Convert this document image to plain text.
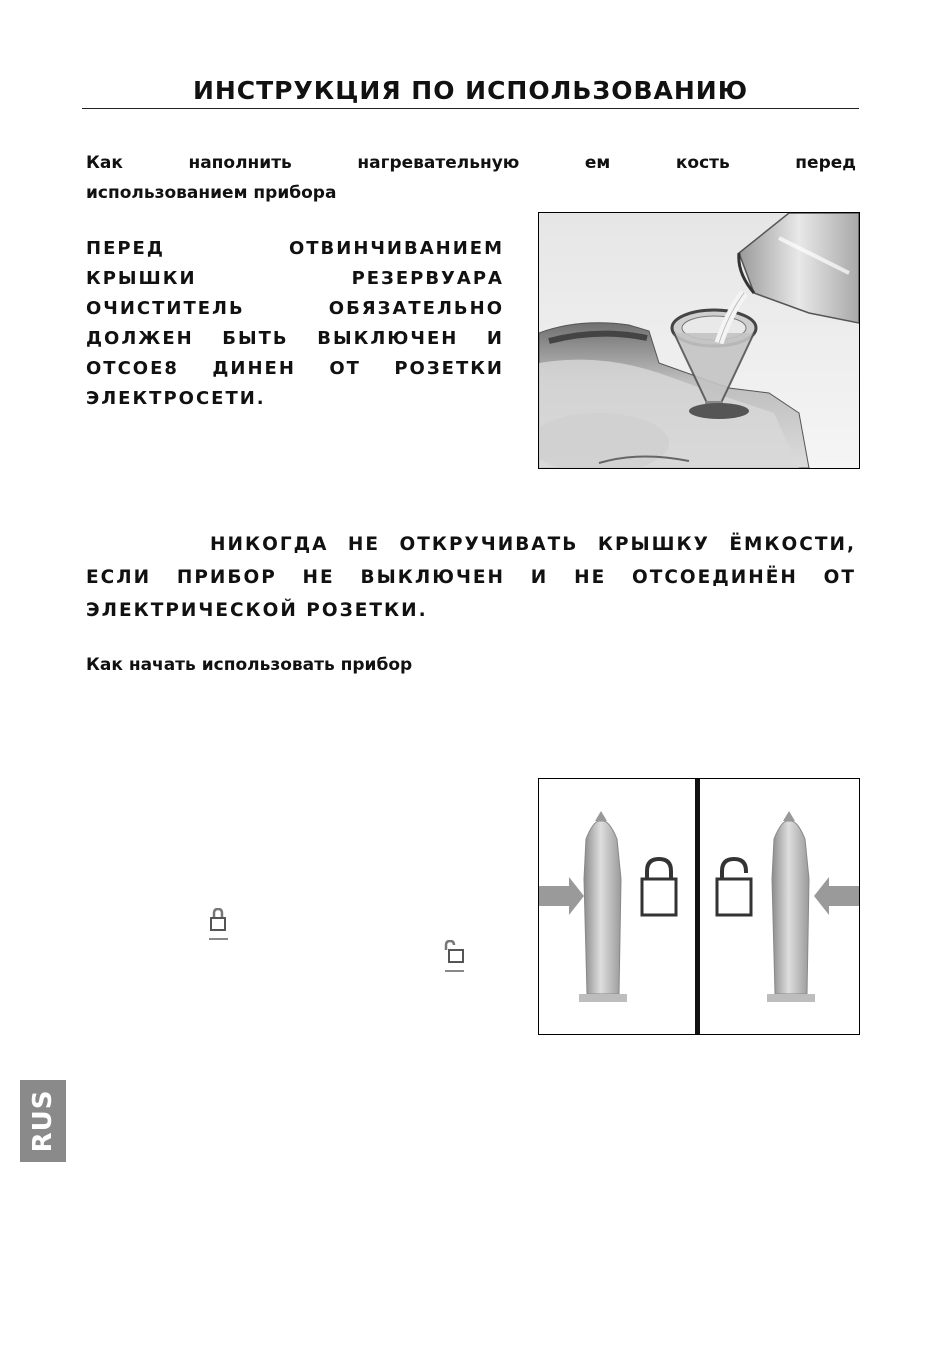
ИНСТРУКЦИЯ ПО ИСПОЛЬЗОВАНИЮ

Как наполнить нагревательную ем кость перед
использованием прибора

ПЕРЕД ОТВИНЧИВАНИЕМ
КРЫШКИ РЕЗЕРВУАРА
ОЧИСТИТЕЛЬ ОБЯЗАТЕЛЬНО
ДОЛЖЕН БЫТЬ ВЫКЛЮЧЕН И
ОТСОЕ8 ДИНЕН ОТ РОЗЕТКИ
ЭЛЕКТРОСЕТИ.
НИКОГДА НЕ ОТКРУЧИВАТЬ КРЫШКУ ЁМКОСТИ,
ЕСЛИ ПРИБОР НЕ ВЫКЛЮЧЕН И НЕ ОТСОЕДИНЁН ОТ
ЭЛЕКТРИЧЕСКОЙ РОЗЕТКИ.

Как начать использовать прибор

RUS
